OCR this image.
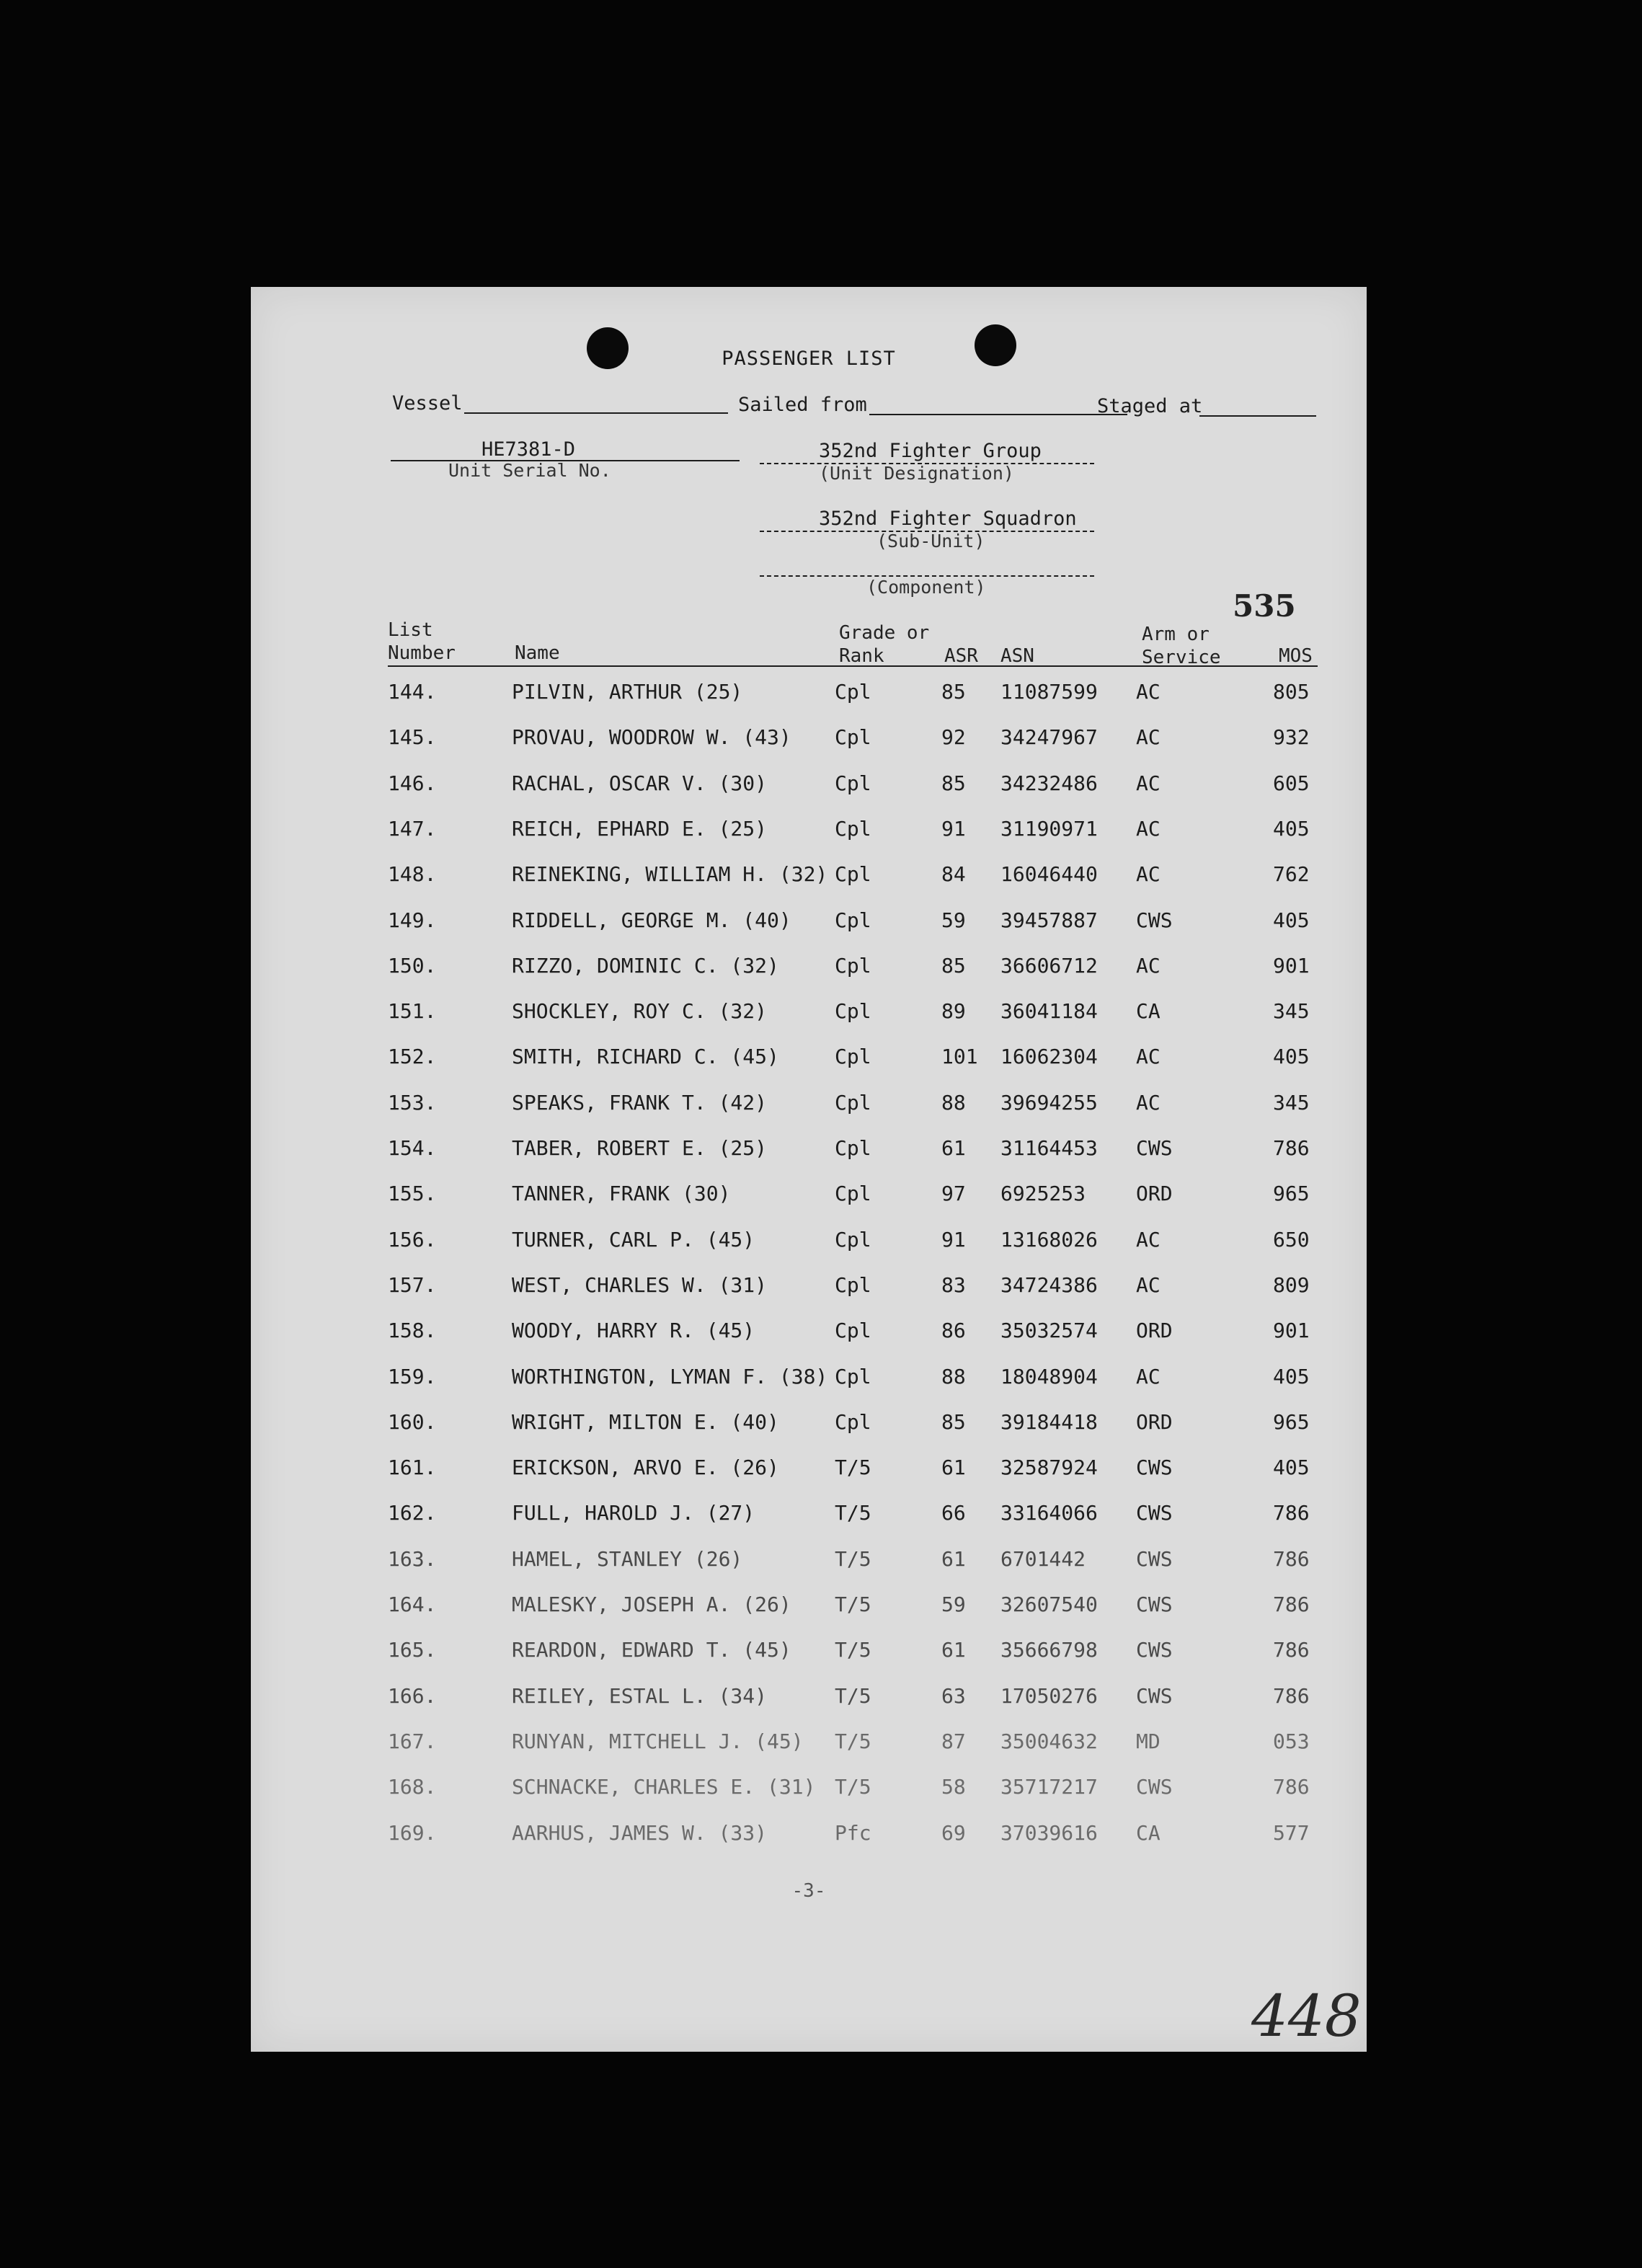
PASSENGER LIST
Vessel	Sailed from	Staged at
HE7381-D
Unit Serial No.
352nd Fighter Group
(Unit Designation)
352nd Fighter Squadron
(Sub-Unit)
(Component)
535
List
Number	Name
Grade or
Rank	ASR ASN
Arm or
Service	MOS
144.	PILVIN, ARTHUR (25)	Cpl	85 11087599 AC	805
145.	PROVAU, WOODROW W. (43) Cpl	92 34247967 AC	932
146.	RACHAL, OSCAR V. (30)	Cpl	85 34232486 AC	605
147.	REICH, EPHARD E. (25)	Cpl	91 31190971 AC	405
148.	REINEKING, WILLIAM H. (32) Cpl	84 16046440 AC	762
149.	RIDDELL, GEORGE M. (40) Cpl	59 39457887 CWS	405
150.	RIZZO, DOMINIC C. (32)	Cpl	85 36606712 AC	901
151.	SHOCKLEY, ROY C. (32)	Cpl	89 36041184 CA	345
152.	SMITH, RICHARD C. (45)	Cpl	101 16062304 AC	405
153.	SPEAKS, FRANK T. (42)	Cpl	88 39694255 AC	345
154.	TABER, ROBERT E. (25)	Cpl	61 31164453 CWS	786
155.	TANNER, FRANK (30)	Cpl	97 6925253 ORD	965
156.	TURNER, CARL P. (45)	Cpl	91 13168026 AC	650
157.	WEST, CHARLES W. (31)	Cpl	83 34724386 AC	809
158.	WOODY, HARRY R. (45)	Cpl	86 35032574 ORD	901
159.	WORTHINGTON, LYMAN F. (38) Cpl	88 18048904 AC	405
160.	WRIGHT, MILTON E. (40)	Cpl	85 39184418 ORD	965
161.	ERICKSON, ARVO E. (26)	T/5	61 32587924 CWS	405
162.	FULL, HAROLD J. (27)	T/5	66 33164066 CWS	786
163.	HAMEL, STANLEY (26)	T/5	61 6701442 CWS	786
164.	MALESKY, JOSEPH A. (26) T/5	59 32607540 CWS	786
165.	REARDON, EDWARD T. (45) T/5	61 35666798 CWS	786
166.	REILEY, ESTAL L. (34)	T/5	63 17050276 CWS	786
167.	RUNYAN, MITCHELL J. (45) T/5	87 35004632 MD	053
168.	SCHNACKE, CHARLES E. (31) T/5	58 35717217 CWS	786
169.	AARHUS, JAMES W. (33)	Pfc	69 37039616 CA	577
-3-
448
